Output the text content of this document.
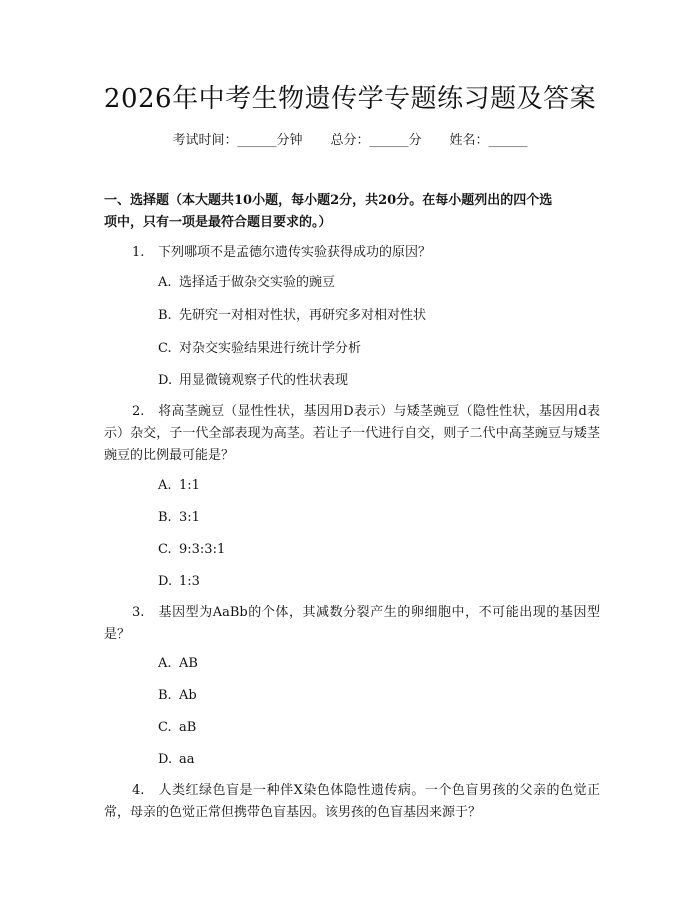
2026年中考生物遗传学专题练习题及答案
考试时间：______分钟 总分：______分 姓名：______
一、选择题（本大题共10小题，每小题2分，共20分。在每小题列出的四个选
项中，只有一项是最符合题目要求的。）
1. 下列哪项不是孟德尔遗传实验获得成功的原因？
A. 选择适于做杂交实验的豌豆
B. 先研究一对相对性状，再研究多对相对性状
C. 对杂交实验结果进行统计学分析
D. 用显微镜观察子代的性状表现
2. 将高茎豌豆（显性性状，基因用D表示）与矮茎豌豆（隐性性状，基因用d表示）杂交，子一代全部表现为高茎。若让子一代进行自交，则子二代中高茎豌豆与矮茎豌豆的比例最可能是？
A. 1:1
B. 3:1
C. 9:3:3:1
D. 1:3
3. 基因型为AaBb的个体，其减数分裂产生的卵细胞中，不可能出现的基因型是？
A. AB
B. Ab
C. aB
D. aa
4. 人类红绿色盲是一种伴X染色体隐性遗传病。一个色盲男孩的父亲的色觉正常，母亲的色觉正常但携带色盲基因。该男孩的色盲基因来源于？
